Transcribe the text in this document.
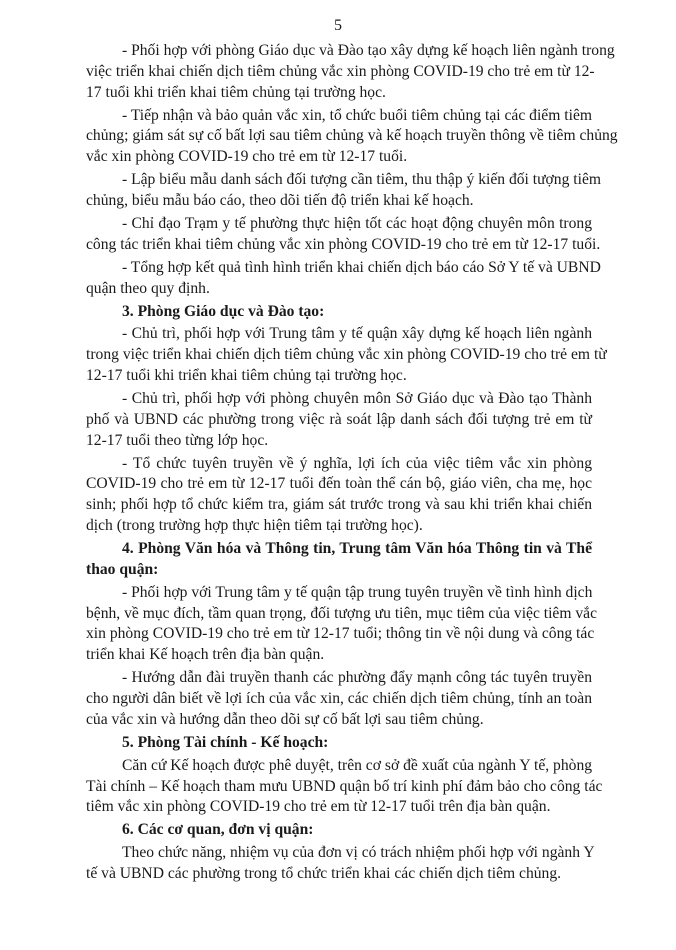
5
- Phối hợp với phòng Giáo dục và Đào tạo xây dựng kế hoạch liên ngành trong
việc triển khai chiến dịch tiêm chủng vắc xin phòng COVID-19 cho trẻ em từ 12-
17 tuổi khi triển khai tiêm chủng tại trường học.
- Tiếp nhận và bảo quản vắc xin, tổ chức buổi tiêm chủng tại các điểm tiêm
chủng; giám sát sự cố bất lợi sau tiêm chủng và kế hoạch truyền thông về tiêm chủng
vắc xin phòng COVID-19 cho trẻ em từ 12-17 tuổi.
- Lập biểu mẫu danh sách đối tượng cần tiêm, thu thập ý kiến đối tượng tiêm
chủng, biểu mẫu báo cáo, theo dõi tiến độ triển khai kế hoạch.
- Chỉ đạo Trạm y tế phường thực hiện tốt các hoạt động chuyên môn trong
công tác triển khai tiêm chủng vắc xin phòng COVID-19 cho trẻ em từ 12-17 tuổi.
- Tổng hợp kết quả tình hình triển khai chiến dịch báo cáo Sở Y tế và UBND
quận theo quy định.
3. Phòng Giáo dục và Đào tạo:
- Chủ trì, phối hợp với Trung tâm y tế quận xây dựng kế hoạch liên ngành
trong việc triển khai chiến dịch tiêm chủng vắc xin phòng COVID-19 cho trẻ em từ
12-17 tuổi khi triển khai tiêm chủng tại trường học.
- Chủ trì, phối hợp với phòng chuyên môn Sở Giáo dục và Đào tạo Thành
phố và UBND các phường trong việc rà soát lập danh sách đối tượng trẻ em từ
12-17 tuổi theo từng lớp học.
- Tổ chức tuyên truyền về ý nghĩa, lợi ích của việc tiêm vắc xin phòng
COVID-19 cho trẻ em từ 12-17 tuổi đến toàn thể cán bộ, giáo viên, cha mẹ, học
sinh; phối hợp tổ chức kiểm tra, giám sát trước trong và sau khi triển khai chiến
dịch (trong trường hợp thực hiện tiêm tại trường học).
4. Phòng Văn hóa và Thông tin, Trung tâm Văn hóa Thông tin và Thể
thao quận:
- Phối hợp với Trung tâm y tế quận tập trung tuyên truyền về tình hình dịch
bệnh, về mục đích, tầm quan trọng, đối tượng ưu tiên, mục tiêm của việc tiêm vắc
xin phòng COVID-19 cho trẻ em từ 12-17 tuổi; thông tin về nội dung và công tác
triển khai Kế hoạch trên địa bàn quận.
- Hướng dẫn đài truyền thanh các phường đẩy mạnh công tác tuyên truyền
cho người dân biết về lợi ích của vắc xin, các chiến dịch tiêm chủng, tính an toàn
của vắc xin và hướng dẫn theo dõi sự cố bất lợi sau tiêm chủng.
5. Phòng Tài chính - Kế hoạch:
Căn cứ Kế hoạch được phê duyệt, trên cơ sở đề xuất của ngành Y tế, phòng
Tài chính – Kế hoạch tham mưu UBND quận bố trí kinh phí đảm bảo cho công tác
tiêm vắc xin phòng COVID-19 cho trẻ em từ 12-17 tuổi trên địa bàn quận.
6. Các cơ quan, đơn vị quận:
Theo chức năng, nhiệm vụ của đơn vị có trách nhiệm phối hợp với ngành Y
tế và UBND các phường trong tổ chức triển khai các chiến dịch tiêm chủng.
